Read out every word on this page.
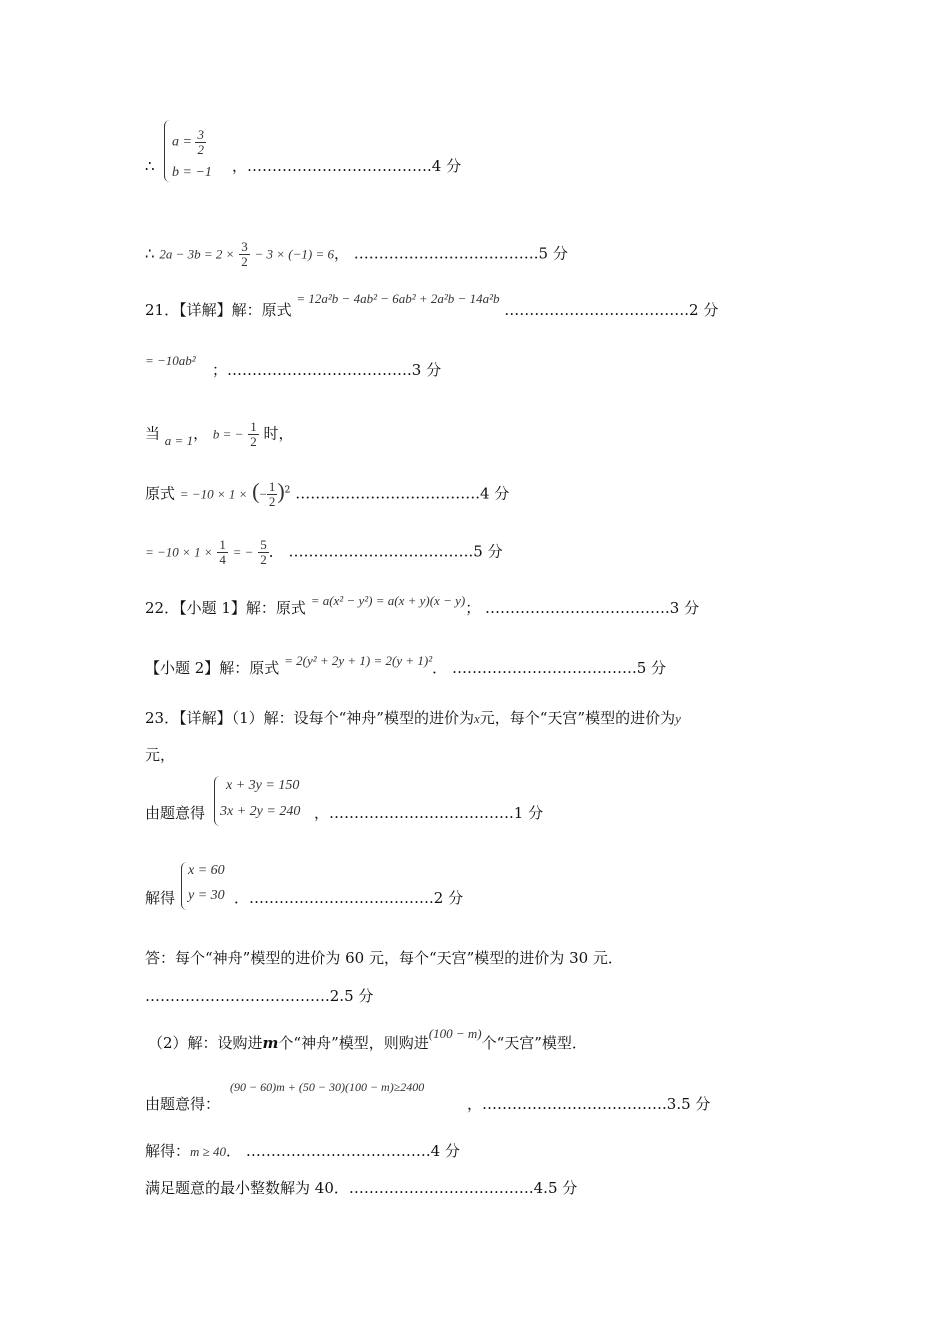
∴
$a = \frac{3}{2}$
b = −1 ，……………………………….4 分
∴ $2a - 3b = 2 \times \frac{3}{2} - 3 \times (-1) = 6$， ……………………………….5 分
21．【详解】解：原式 = 12a²b − 4ab² − 6ab² + 2a²b − 14a²b ……………………………….2 分
= −10ab²
；……………………………….3 分
当 a = 1， b = − $\frac{1}{2}$ 时，
原式 = −10 × 1 × (− $\frac{1}{2} )^2$ ……………………………….4 分
= $-10 \times 1 \times \frac{1}{4}$ = − $\frac{5}{2}$ ． ……………………………….5 分
22．【小题 1】解：原式 = a(x² − y²) = a(x + y)(x − y)； ……………………………….3 分
【小题 2】解：原式 = 2(y² + 2y + 1) = 2(y + 1)²． ……………………………….5 分
23．【详解】（1）解：设每个“神舟”模型的进价为x元，每个“天宫”模型的进价为y
元，
x + 3y = 150
3x + 2y = 240
由题意得	，……………………………….1 分
x = 60
y = 30
解得	．……………………………….2 分
答：每个“神舟”模型的进价为 60 元，每个“天宫”模型的进价为 30 元．
……………………………….2.5 分
（2）解：设购进m个“神舟”模型，则购进(100 − m)个“天宫”模型．
由题意得：
(90 − 60)m + (50 − 30)(100 − m)≥2400
，……………………………….3.5 分
解得：m ≥ 40． ……………………………….4 分
满足题意的最小整数解为 40．……………………………….4.5 分
